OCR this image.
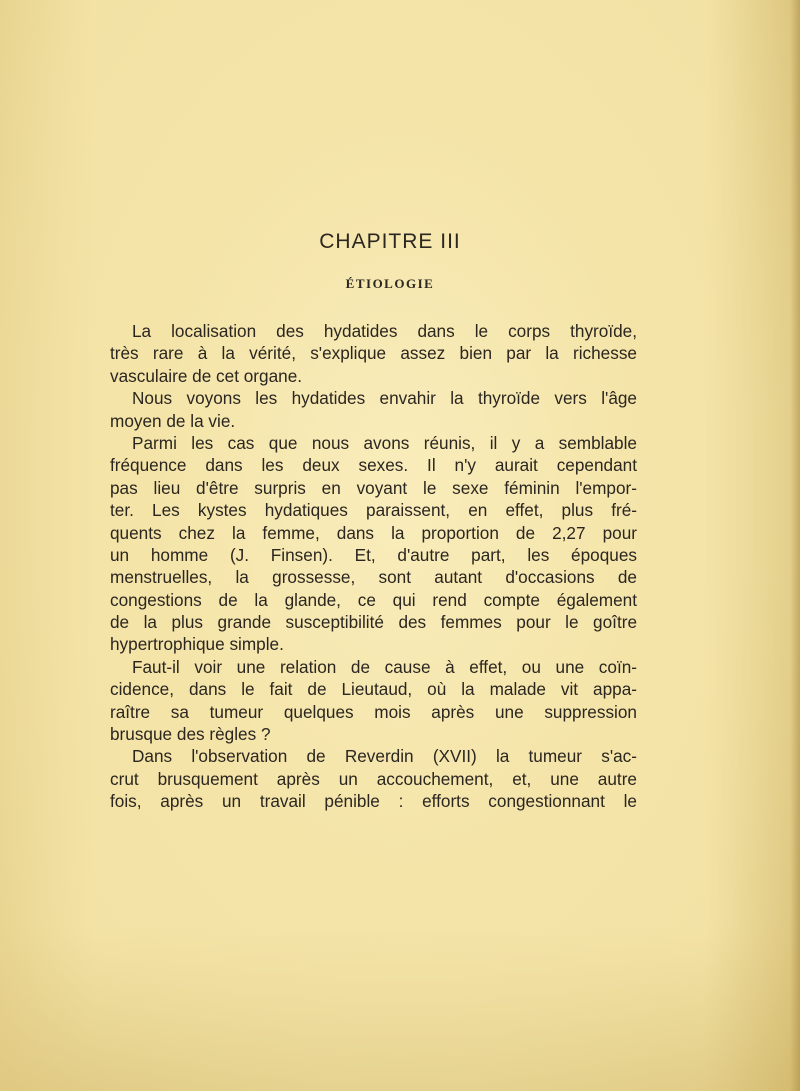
CHAPITRE III
ÉTIOLOGIE
La localisation des hydatides dans le corps thyroïde,
très rare à la vérité, s'explique assez bien par la richesse
vasculaire de cet organe.
Nous voyons les hydatides envahir la thyroïde vers l'âge
moyen de la vie.
Parmi les cas que nous avons réunis, il y a semblable
fréquence dans les deux sexes. Il n'y aurait cependant
pas lieu d'être surpris en voyant le sexe féminin l'empor-
ter. Les kystes hydatiques paraissent, en effet, plus fré-
quents chez la femme, dans la proportion de 2,27 pour
un homme (J. Finsen). Et, d'autre part, les époques
menstruelles, la grossesse, sont autant d'occasions de
congestions de la glande, ce qui rend compte également
de la plus grande susceptibilité des femmes pour le goître
hypertrophique simple.
Faut-il voir une relation de cause à effet, ou une coïn-
cidence, dans le fait de Lieutaud, où la malade vit appa-
raître sa tumeur quelques mois après une suppression
brusque des règles ?
Dans l'observation de Reverdin (XVII) la tumeur s'ac-
crut brusquement après un accouchement, et, une autre
fois, après un travail pénible : efforts congestionnant le
